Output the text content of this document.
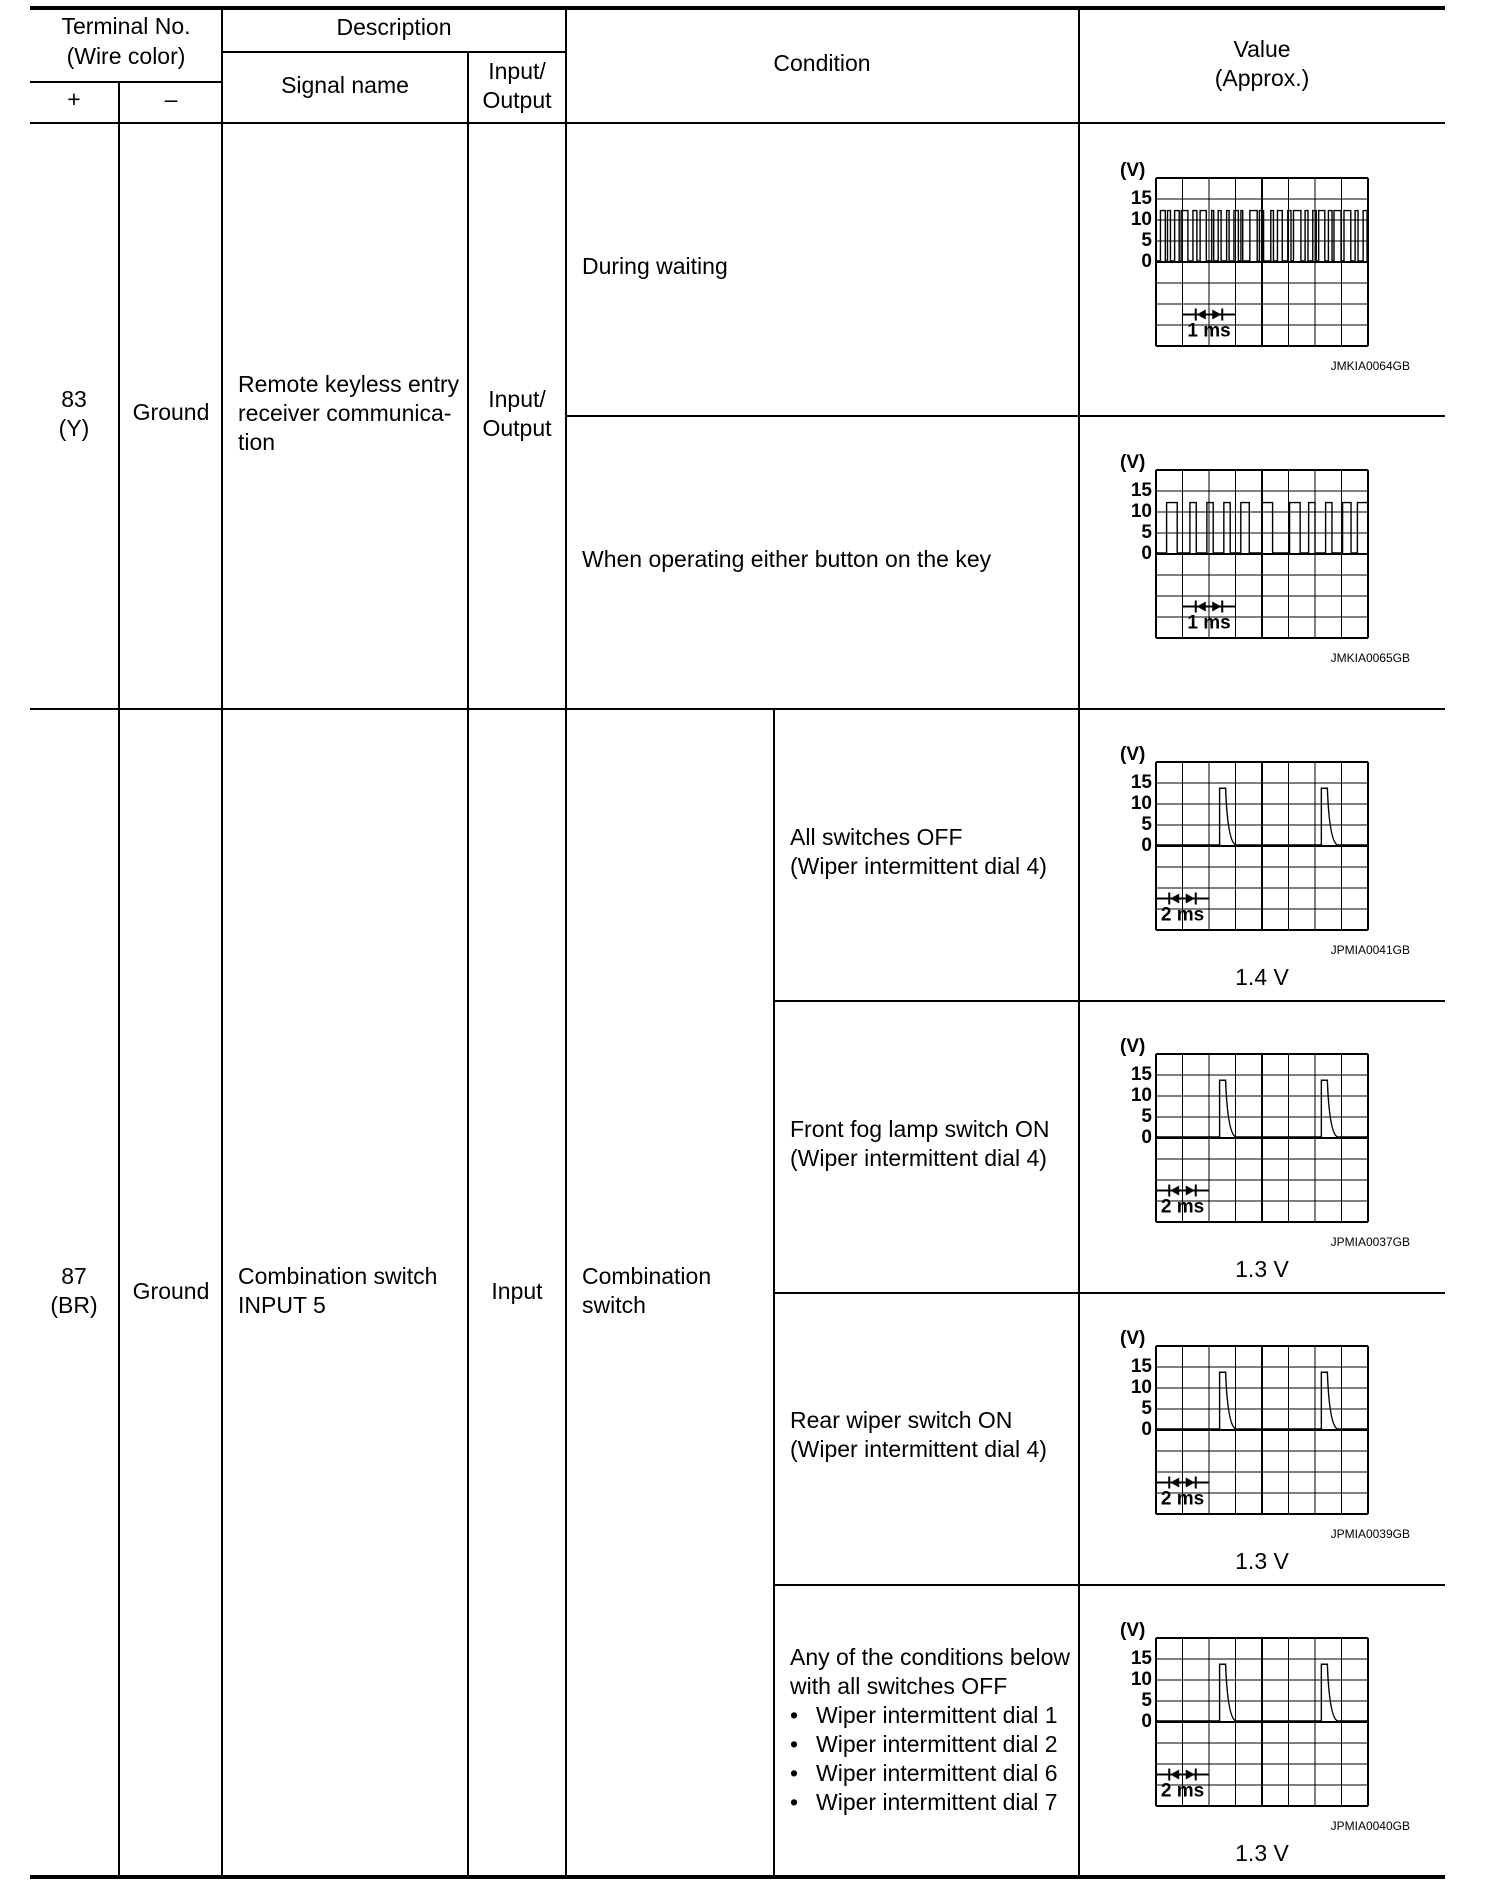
Terminal No.
(Wire color)
+	–
Description
Signal name
Input/
Output
Condition
Value
(Approx.)
83
(Y)
Ground
Remote keyless entry
receiver communica-
tion
Input/
Output
During waiting
When operating either button on the key
87
(BR)
Ground
Combination switch
INPUT 5
Input
Combination
switch
All switches OFF
(Wiper intermittent dial 4)
Front fog lamp switch ON
(Wiper intermittent dial 4)
Rear wiper switch ON
(Wiper intermittent dial 4)
Any of the conditions below
with all switches OFF
• Wiper intermittent dial 1
• Wiper intermittent dial 2
• Wiper intermittent dial 6
• Wiper intermittent dial 7
1.4 V
1.3 V
1.3 V
1.3 V
(V)
15
10
5
0
1 ms
JMKIA0064GB
(V)
15
10
5
0
1 ms
JMKIA0065GB
(V)
15
10
5
0
2 ms
JPMIA0041GB
(V)
15
10
5
0
2 ms
JPMIA0037GB
(V)
15
10
5
0
2 ms
JPMIA0039GB
(V)
15
10
5
0
2 ms
JPMIA0040GB
